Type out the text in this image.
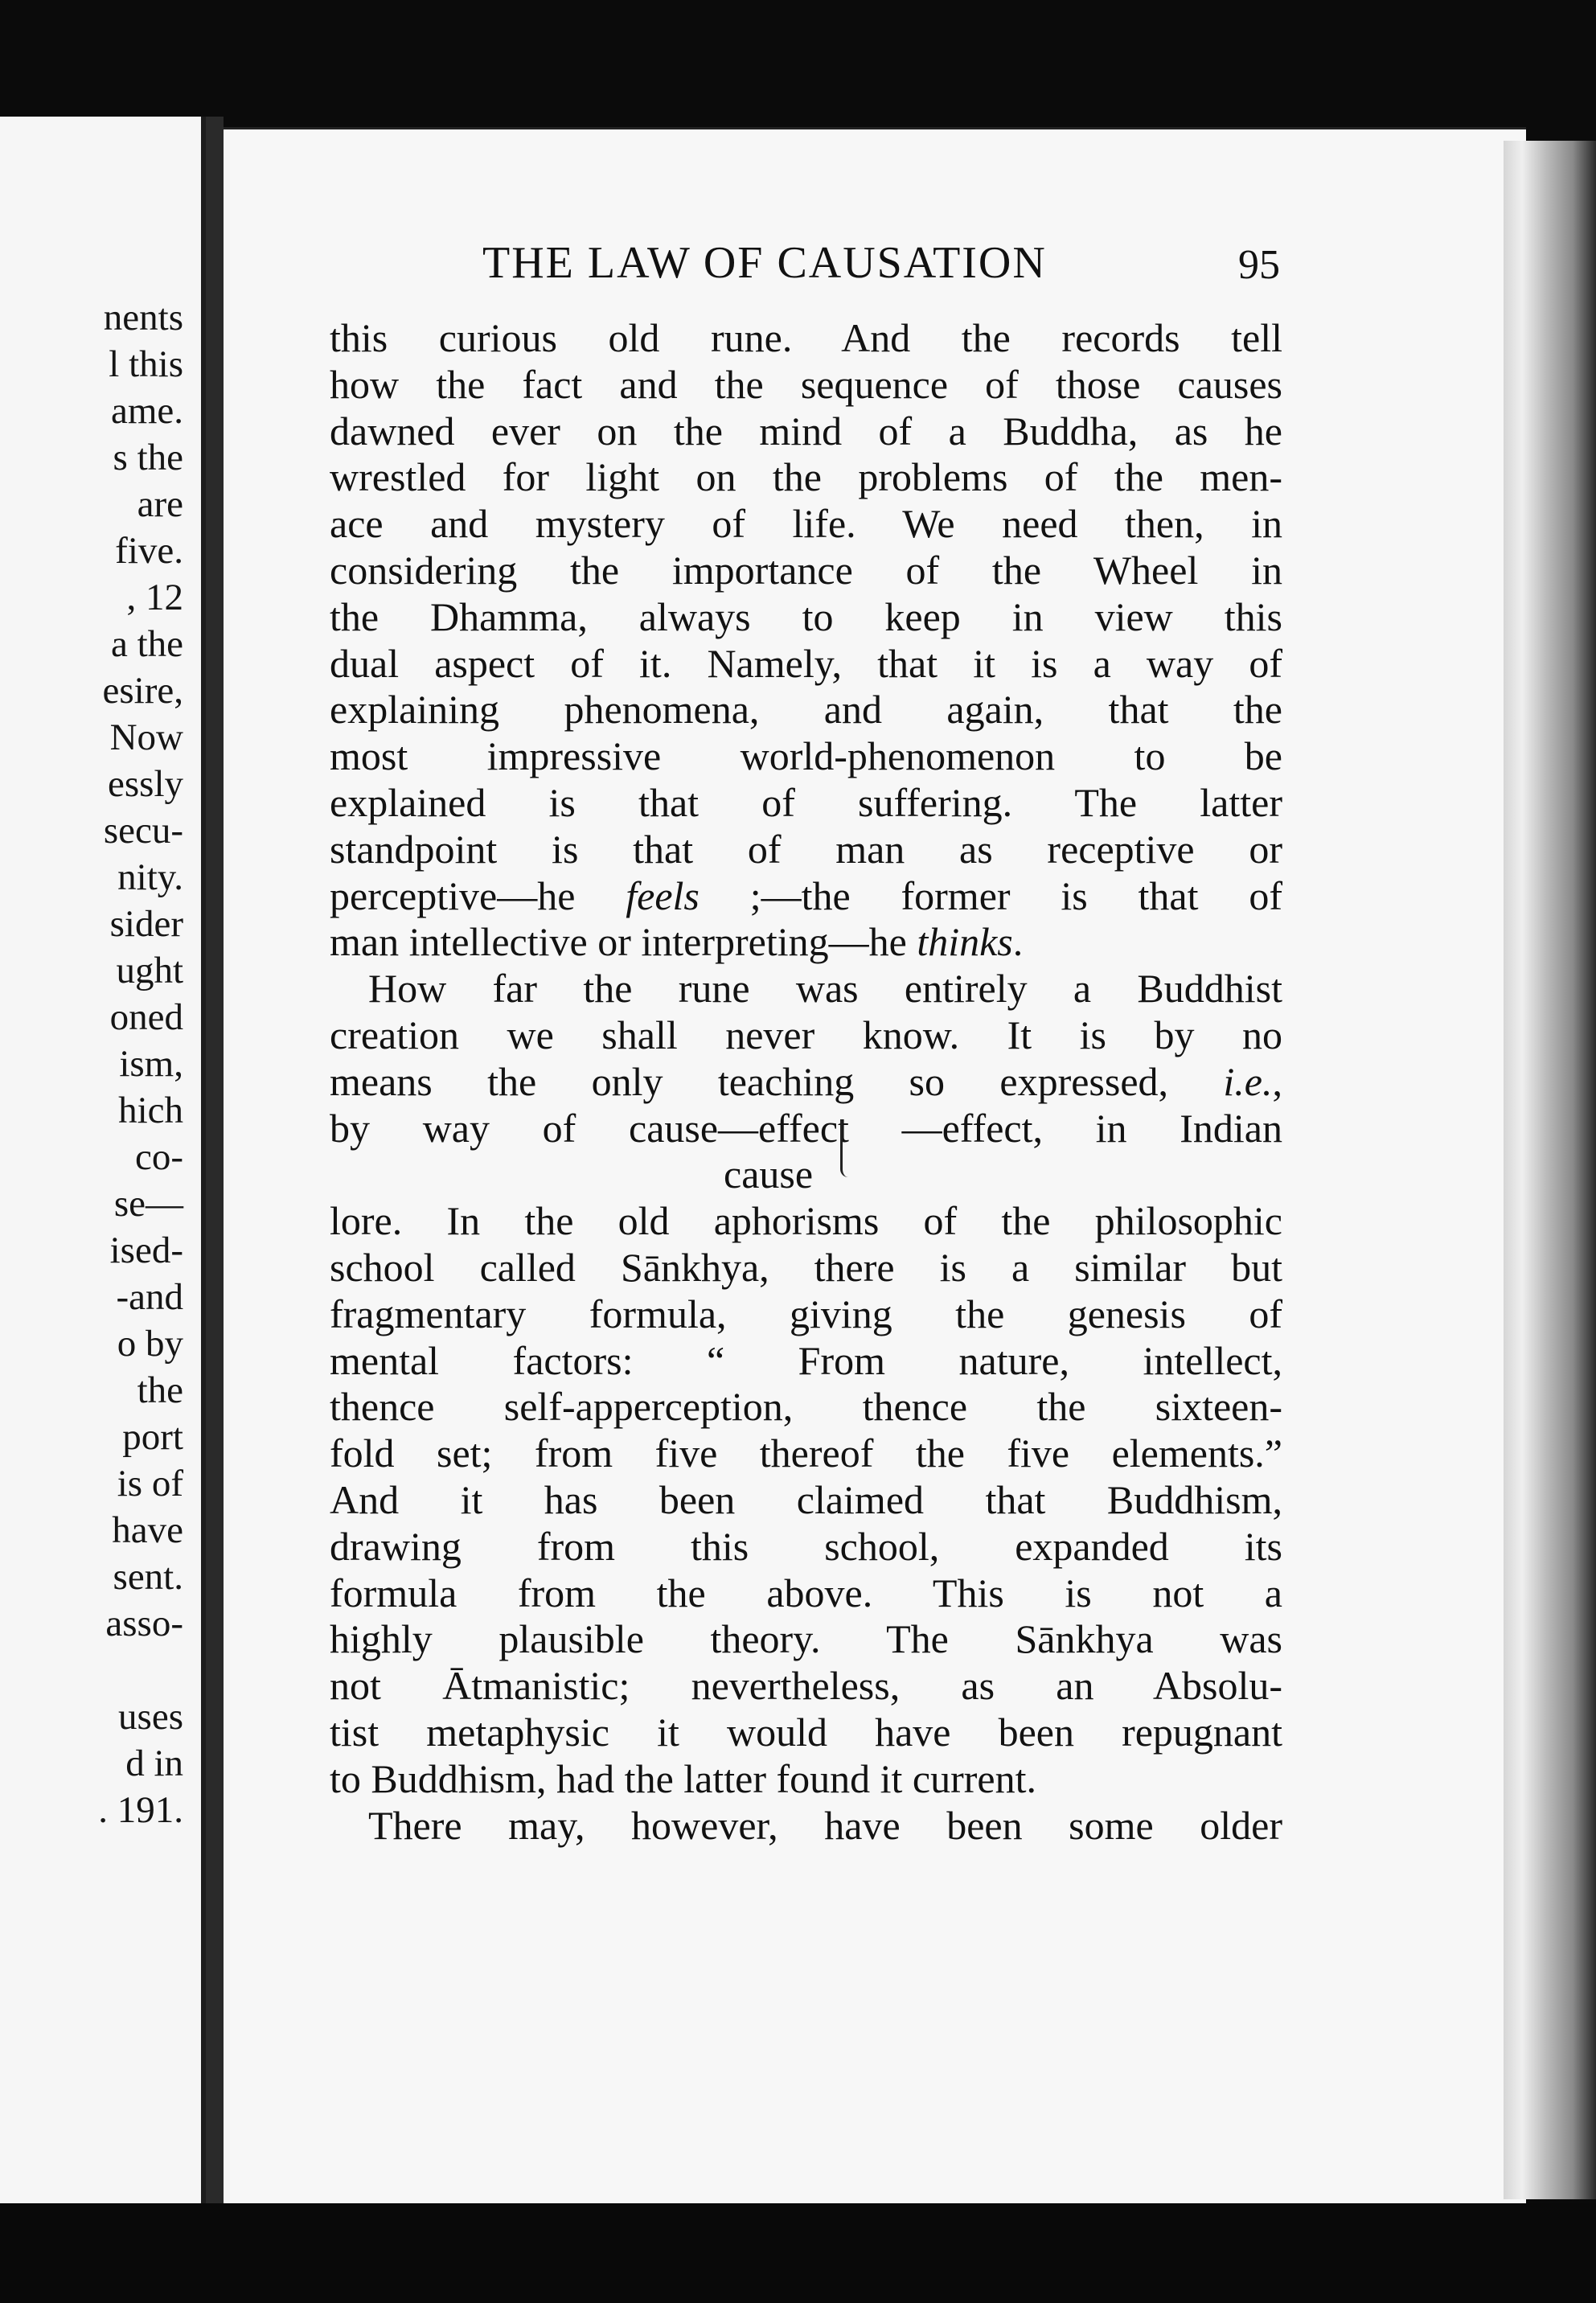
nents
l this
ame.
s the
are
five.
, 12
a the
esire,
Now
essly
secu-
nity.
sider
ught
oned
ism,
hich
co-
se—
ised-
-and
o by
the
port
is of
have
sent.
asso-
uses
d in
. 191.
THE LAW OF CAUSATION	95
this curious old rune. And the records tell
how the fact and the sequence of those causes
dawned ever on the mind of a Buddha, as he
wrestled for light on the problems of the men-
ace and mystery of life. We need then, in
considering the importance of the Wheel in
the Dhamma, always to keep in view this
dual aspect of it. Namely, that it is a way of
explaining phenomena, and again, that the
most impressive world-phenomenon to be
explained is that of suffering. The latter
standpoint is that of man as receptive or
perceptive—he feels ;—the former is that of
man intellective or interpreting—he thinks.
How far the rune was entirely a Buddhist
creation we shall never know. It is by no
means the only teaching so expressed, i.e.,
by way of cause—effect —effect, in Indian
cause
lore. In the old aphorisms of the philosophic
school called Sānkhya, there is a similar but
fragmentary formula, giving the genesis of
mental factors: “ From nature, intellect,
thence self-apperception, thence the sixteen-
fold set; from five thereof the five elements.”
And it has been claimed that Buddhism,
drawing from this school, expanded its
formula from the above. This is not a
highly plausible theory. The Sānkhya was
not Ātmanistic; nevertheless, as an Absolu-
tist metaphysic it would have been repugnant
to Buddhism, had the latter found it current.
There may, however, have been some older
